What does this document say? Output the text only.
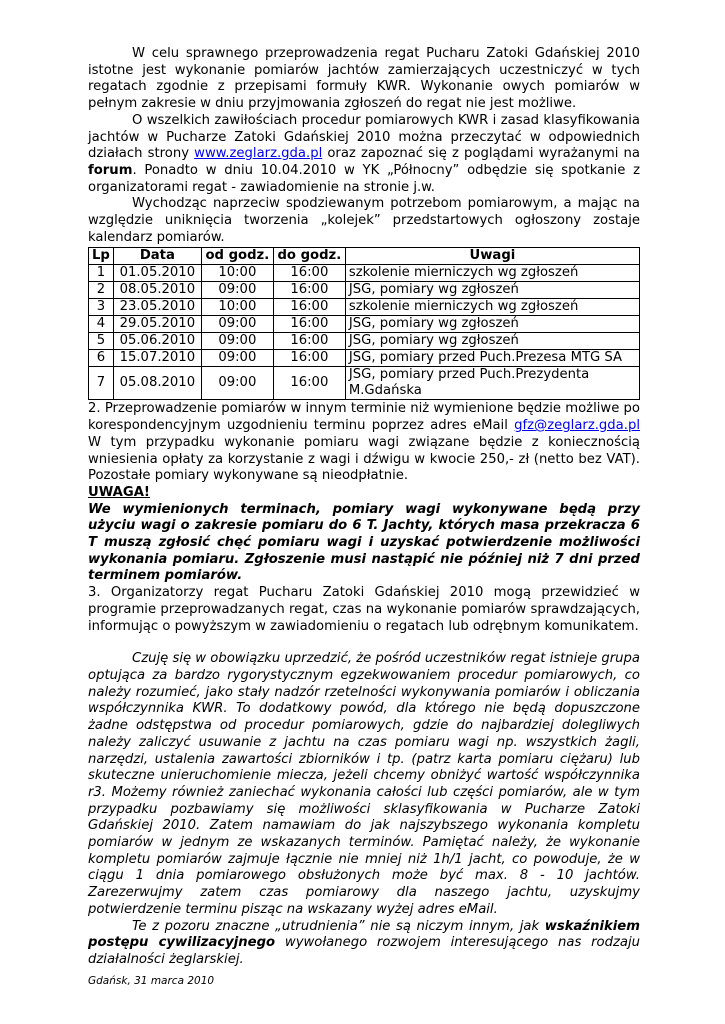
W celu sprawnego przeprowadzenia regat Pucharu Zatoki Gdańskiej 2010 istotne jest wykonanie pomiarów jachtów zamierzających uczestniczyć w tych regatach zgodnie z przepisami formuły KWR. Wykonanie owych pomiarów w pełnym zakresie w dniu przyjmowania zgłoszeń do regat nie jest możliwe.

O wszelkich zawiłościach procedur pomiarowych KWR i zasad klasyfikowania jachtów w Pucharze Zatoki Gdańskiej 2010 można przeczytać w odpowiednich działach strony www.zeglarz.gda.pl oraz zapoznać się z poglądami wyrażanymi na forum. Ponadto w dniu 10.04.2010 w YK „Północny” odbędzie się spotkanie z organizatorami regat - zawiadomienie na stronie j.w.

Wychodząc naprzeciw spodziewanym potrzebom pomiarowym, a mając na względzie uniknięcia tworzenia „kolejek” przedstartowych ogłoszony zostaje kalendarz pomiarów.

Lp	Data	od godz.	do godz.	Uwagi
1	01.05.2010	10:00	16:00	szkolenie mierniczych wg zgłoszeń
2	08.05.2010	09:00	16:00	JSG, pomiary wg zgłoszeń
3	23.05.2010	10:00	16:00	szkolenie mierniczych wg zgłoszeń
4	29.05.2010	09:00	16:00	JSG, pomiary wg zgłoszeń
5	05.06.2010	09:00	16:00	JSG, pomiary wg zgłoszeń
6	15.07.2010	09:00	16:00	JSG, pomiary przed Puch.Prezesa MTG SA
7	05.08.2010	09:00	16:00	JSG, pomiary przed Puch.Prezydenta M.Gdańska

2. Przeprowadzenie pomiarów w innym terminie niż wymienione będzie możliwe po korespondencyjnym uzgodnieniu terminu poprzez adres eMail gfz@zeglarz.gda.pl W tym przypadku wykonanie pomiaru wagi związane będzie z koniecznością wniesienia opłaty za korzystanie z wagi i dźwigu w kwocie 250,- zł (netto bez VAT). Pozostałe pomiary wykonywane są nieodpłatnie.

UWAGA!

We wymienionych terminach, pomiary wagi wykonywane będą przy użyciu wagi o zakresie pomiaru do 6 T. Jachty, których masa przekracza 6 T muszą zgłosić chęć pomiaru wagi i uzyskać potwierdzenie możliwości wykonania pomiaru. Zgłoszenie musi nastąpić nie później niż 7 dni przed terminem pomiarów.

3. Organizatorzy regat Pucharu Zatoki Gdańskiej 2010 mogą przewidzieć w programie przeprowadzanych regat, czas na wykonanie pomiarów sprawdzających, informując o powyższym w zawiadomieniu o regatach lub odrębnym komunikatem.

Czuję się w obowiązku uprzedzić, że pośród uczestników regat istnieje grupa optująca za bardzo rygorystycznym egzekwowaniem procedur pomiarowych, co należy rozumieć, jako stały nadzór rzetelności wykonywania pomiarów i obliczania współczynnika KWR. To dodatkowy powód, dla którego nie będą dopuszczone żadne odstępstwa od procedur pomiarowych, gdzie do najbardziej dolegliwych należy zaliczyć usuwanie z jachtu na czas pomiaru wagi np. wszystkich żagli, narzędzi, ustalenia zawartości zbiorników i tp. (patrz karta pomiaru ciężaru) lub skuteczne unieruchomienie miecza, jeżeli chcemy obniżyć wartość współczynnika r3. Możemy również zaniechać wykonania całości lub części pomiarów, ale w tym przypadku pozbawiamy się możliwości sklasyfikowania w Pucharze Zatoki Gdańskiej 2010. Zatem namawiam do jak najszybszego wykonania kompletu pomiarów w jednym ze wskazanych terminów. Pamiętać należy, że wykonanie kompletu pomiarów zajmuje łącznie nie mniej niż 1h/1 jacht, co powoduje, że w ciągu 1 dnia pomiarowego obsłużonych może być max. 8 - 10 jachtów. Zarezerwujmy zatem czas pomiarowy dla naszego jachtu, uzyskujmy potwierdzenie terminu pisząc na wskazany wyżej adres eMail.

Te z pozoru znaczne „utrudnienia” nie są niczym innym, jak wskaźnikiem postępu cywilizacyjnego wywołanego rozwojem interesującego nas rodzaju działalności żeglarskiej.

Gdańsk, 31 marca 2010
